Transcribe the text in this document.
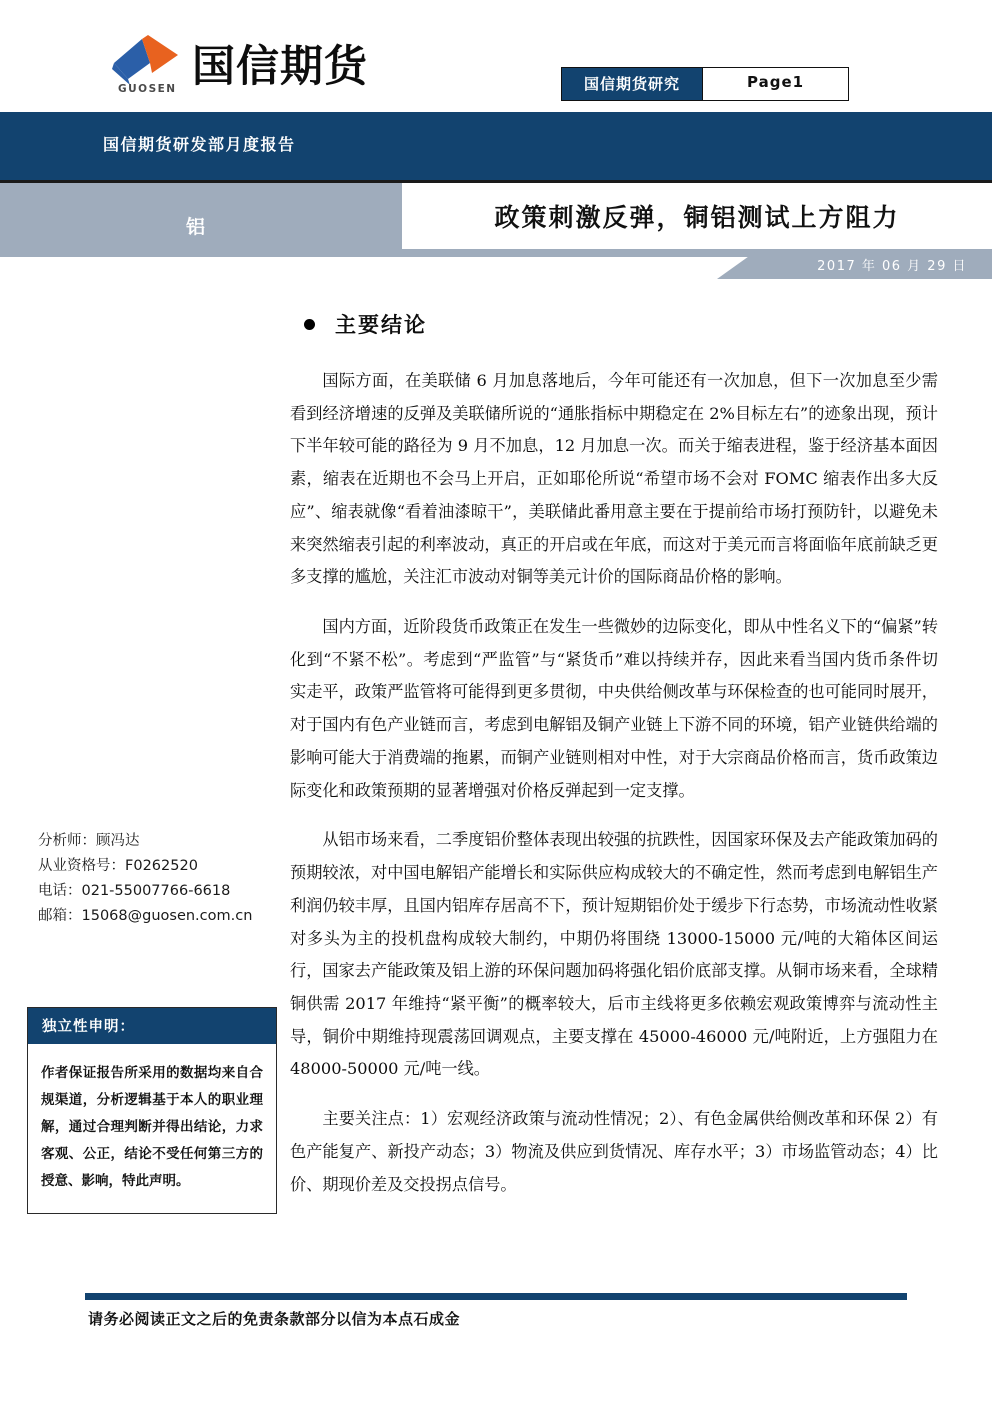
GUOSEN 国信期货	国信期货研究	Page1
国信期货研发部月度报告
铝	政策刺激反弹，铜铝测试上方阻力
2017 年 06 月 29 日
分析师：顾冯达
从业资格号：F0262520
电话：021-55007766-6618
邮箱：15068@guosen.com.cn
独立性申明：
作者保证报告所采用的数据均来自合规渠道，分析逻辑基于本人的职业理解，通过合理判断并得出结论，力求客观、公正，结论不受任何第三方的授意、影响，特此声明。
主要结论

国际方面，在美联储 6 月加息落地后，今年可能还有一次加息，但下一次加息至少需看到经济增速的反弹及美联储所说的“通胀指标中期稳定在 2%目标左右”的迹象出现，预计下半年较可能的路径为 9 月不加息，12 月加息一次。而关于缩表进程，鉴于经济基本面因素，缩表在近期也不会马上开启，正如耶伦所说“希望市场不会对 FOMC 缩表作出多大反应”、缩表就像“看着油漆晾干”，美联储此番用意主要在于提前给市场打预防针，以避免未来突然缩表引起的利率波动，真正的开启或在年底，而这对于美元而言将面临年底前缺乏更多支撑的尴尬，关注汇市波动对铜等美元计价的国际商品价格的影响。

国内方面，近阶段货币政策正在发生一些微妙的边际变化，即从中性名义下的“偏紧”转化到“不紧不松”。考虑到“严监管”与“紧货币”难以持续并存，因此来看当国内货币条件切实走平，政策严监管将可能得到更多贯彻，中央供给侧改革与环保检查的也可能同时展开，对于国内有色产业链而言，考虑到电解铝及铜产业链上下游不同的环境，铝产业链供给端的影响可能大于消费端的拖累，而铜产业链则相对中性，对于大宗商品价格而言，货币政策边际变化和政策预期的显著增强对价格反弹起到一定支撑。

从铝市场来看，二季度铝价整体表现出较强的抗跌性，因国家环保及去产能政策加码的预期较浓，对中国电解铝产能增长和实际供应构成较大的不确定性，然而考虑到电解铝生产利润仍较丰厚，且国内铝库存居高不下，预计短期铝价处于缓步下行态势，市场流动性收紧对多头为主的投机盘构成较大制约，中期仍将围绕 13000-15000 元/吨的大箱体区间运行，国家去产能政策及铝上游的环保问题加码将强化铝价底部支撑。从铜市场来看，全球精铜供需 2017 年维持“紧平衡”的概率较大，后市主线将更多依赖宏观政策博弈与流动性主导，铜价中期维持现震荡回调观点，主要支撑在 45000-46000 元/吨附近，上方强阻力在 48000-50000 元/吨一线。

主要关注点：1）宏观经济政策与流动性情况；2）、有色金属供给侧改革和环保 2）有色产能复产、新投产动态；3）物流及供应到货情况、库存水平；3）市场监管动态；4）比价、期现价差及交投拐点信号。

请务必阅读正文之后的免责条款部分以信为本点石成金
